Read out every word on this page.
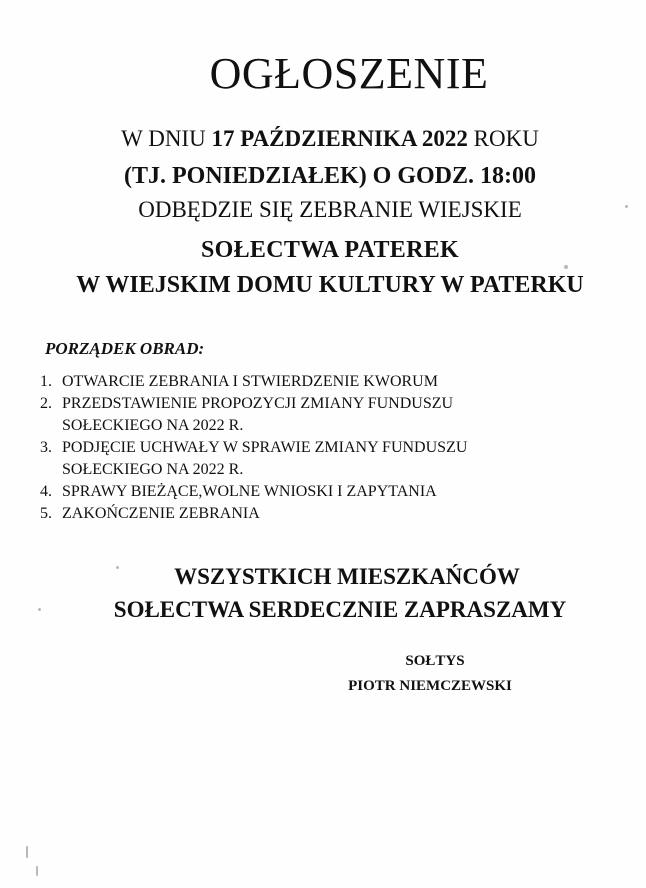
OGŁOSZENIE
W DNIU 17 PAŹDZIERNIKA 2022 ROKU
(TJ. PONIEDZIAŁEK) O GODZ. 18:00
ODBĘDZIE SIĘ ZEBRANIE WIEJSKIE
SOŁECTWA PATEREK
W WIEJSKIM DOMU KULTURY W PATERKU
PORZĄDEK OBRAD:
1. OTWARCIE ZEBRANIA I STWIERDZENIE KWORUM
2. PRZEDSTAWIENIE PROPOZYCJI ZMIANY FUNDUSZU
SOŁECKIEGO NA 2022 R.
3. PODJĘCIE UCHWAŁY W SPRAWIE ZMIANY FUNDUSZU
SOŁECKIEGO NA 2022 R.
4. SPRAWY BIEŻĄCE,WOLNE WNIOSKI I ZAPYTANIA
5. ZAKOŃCZENIE ZEBRANIA
WSZYSTKICH MIESZKAŃCÓW
SOŁECTWA SERDECZNIE ZAPRASZAMY
SOŁTYS
PIOTR NIEMCZEWSKI
